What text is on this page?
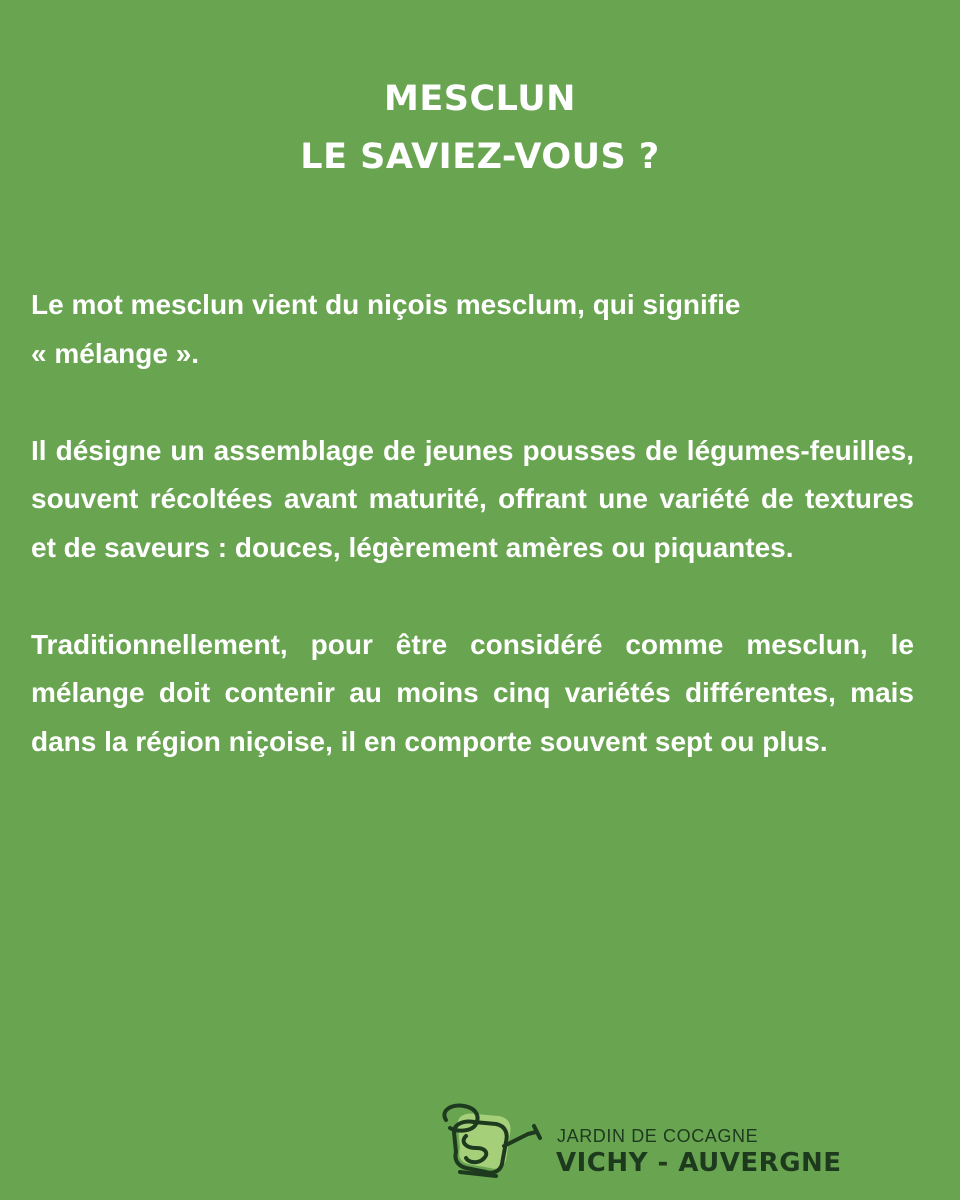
MESCLUN
LE SAVIEZ-VOUS ?

Le mot mesclun vient du niçois mesclum, qui signifie
« mélange ».

Il désigne un assemblage de jeunes pousses de légumes-feuilles, souvent récoltées avant maturité, offrant une variété de textures et de saveurs : douces, légèrement amères ou piquantes.

Traditionnellement, pour être considéré comme mesclun, le mélange doit contenir au moins cinq variétés différentes, mais dans la région niçoise, il en comporte souvent sept ou plus.

JARDIN DE COCAGNE
VICHY - AUVERGNE
